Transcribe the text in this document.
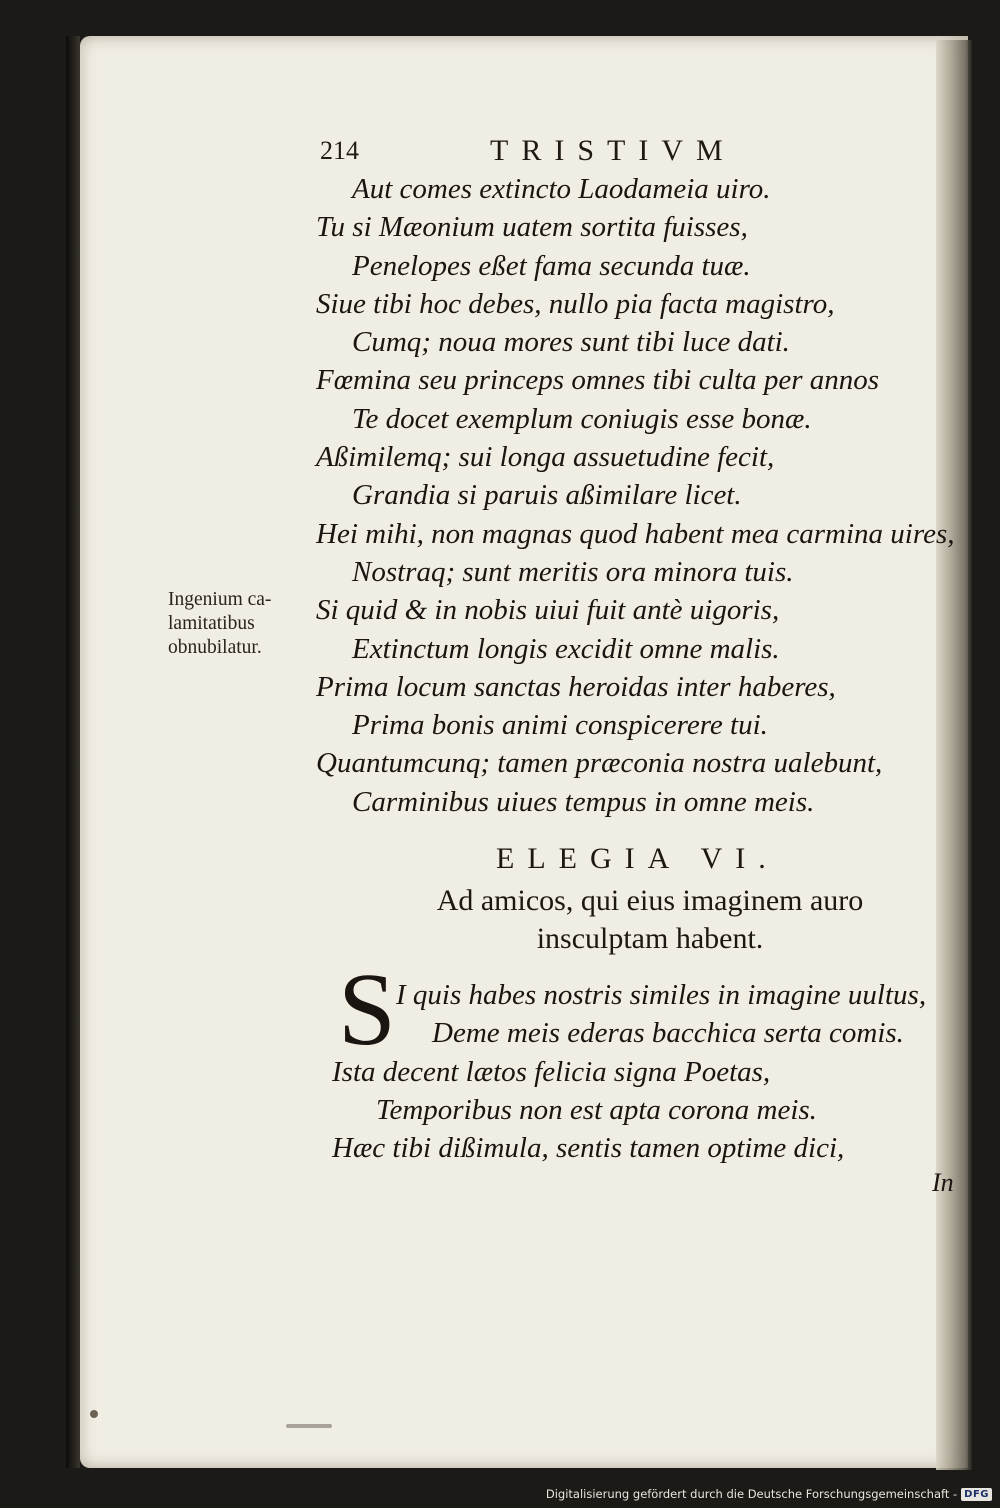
214	TRISTIVM
Aut comes extincto Laodameia uiro.
Tu si Mæonium uatem sortita fuisses,
Penelopes eßet fama secunda tuæ.
Siue tibi hoc debes, nullo pia facta magistro,
Cumq; noua mores sunt tibi luce dati.
Fœmina seu princeps omnes tibi culta per annos
Te docet exemplum coniugis esse bonæ.
Aßimilemq; sui longa assuetudine fecit,
Grandia si paruis aßimilare licet.
Hei mihi, non magnas quod habent mea carmina uires,
Nostraq; sunt meritis ora minora tuis.
Si quid & in nobis uiui fuit antè uigoris,
Extinctum longis excidit omne malis.
Prima locum sanctas heroidas inter haberes,
Prima bonis animi conspicerere tui.
Quantumcunq; tamen præconia nostra ualebunt,
Carminibus uiues tempus in omne meis.
Ingenium ca-
lamitatibus
obnubilatur.
ELEGIA VI.
Ad amicos, qui eius imaginem auro
insculptam habent.
S I quis habes nostris similes in imagine uultus,
Deme meis ederas bacchica serta comis.
Ista decent lætos felicia signa Poetas,
Temporibus non est apta corona meis.
Hæc tibi dißimula, sentis tamen optime dici,
In
Digitalisierung gefördert durch die Deutsche Forschungsgemeinschaft - DFG
